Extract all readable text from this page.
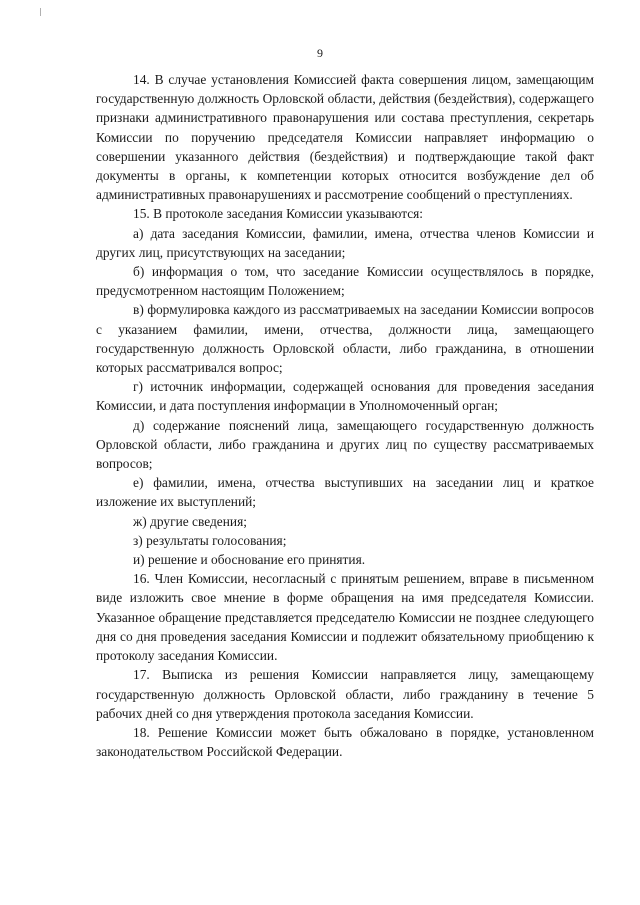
9

14. В случае установления Комиссией факта совершения лицом, замещающим государственную должность Орловской области, действия (бездействия), содержащего признаки административного правонарушения или состава преступления, секретарь Комиссии по поручению председателя Комиссии направляет информацию о совершении указанного действия (бездействия) и подтверждающие такой факт документы в органы, к компетенции которых относится возбуждение дел об административных правонарушениях и рассмотрение сообщений о преступлениях.

15. В протоколе заседания Комиссии указываются:

а) дата заседания Комиссии, фамилии, имена, отчества членов Комиссии и других лиц, присутствующих на заседании;

б) информация о том, что заседание Комиссии осуществлялось в порядке, предусмотренном настоящим Положением;

в) формулировка каждого из рассматриваемых на заседании Комиссии вопросов с указанием фамилии, имени, отчества, должности лица, замещающего государственную должность Орловской области, либо гражданина, в отношении которых рассматривался вопрос;

г) источник информации, содержащей основания для проведения заседания Комиссии, и дата поступления информации в Уполномоченный орган;

д) содержание пояснений лица, замещающего государственную должность Орловской области, либо гражданина и других лиц по существу рассматриваемых вопросов;

е) фамилии, имена, отчества выступивших на заседании лиц и краткое изложение их выступлений;

ж) другие сведения;

з) результаты голосования;

и) решение и обоснование его принятия.

16. Член Комиссии, несогласный с принятым решением, вправе в письменном виде изложить свое мнение в форме обращения на имя председателя Комиссии. Указанное обращение представляется председателю Комиссии не позднее следующего дня со дня проведения заседания Комиссии и подлежит обязательному приобщению к протоколу заседания Комиссии.

17. Выписка из решения Комиссии направляется лицу, замещающему государственную должность Орловской области, либо гражданину в течение 5 рабочих дней со дня утверждения протокола заседания Комиссии.

18. Решение Комиссии может быть обжаловано в порядке, установленном законодательством Российской Федерации.
